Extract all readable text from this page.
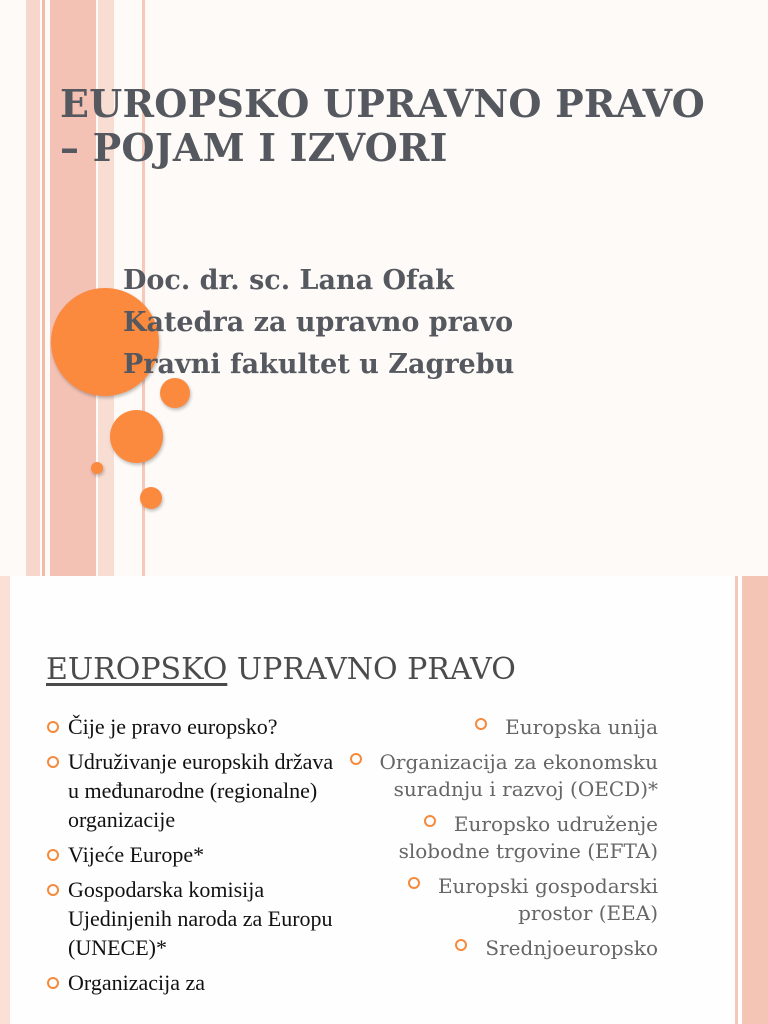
EUROPSKO UPRAVNO PRAVO
– POJAM I IZVORI
Doc. dr. sc. Lana Ofak
Katedra za upravno pravo
Pravni fakultet u Zagrebu
EUROPSKO UPRAVNO PRAVO
Čije je pravo europsko?
Udruživanje europskih država u međunarodne (regionalne) organizacije
Vijeće Europe*
Gospodarska komisija Ujedinjenih naroda za Europu (UNECE)*
Organizacija za
Europska unija
Organizacija za ekonomsku suradnju i razvoj (OECD)*
Europsko udruženje slobodne trgovine (EFTA)
Europski gospodarski prostor (EEA)
Srednjoeuropsko
